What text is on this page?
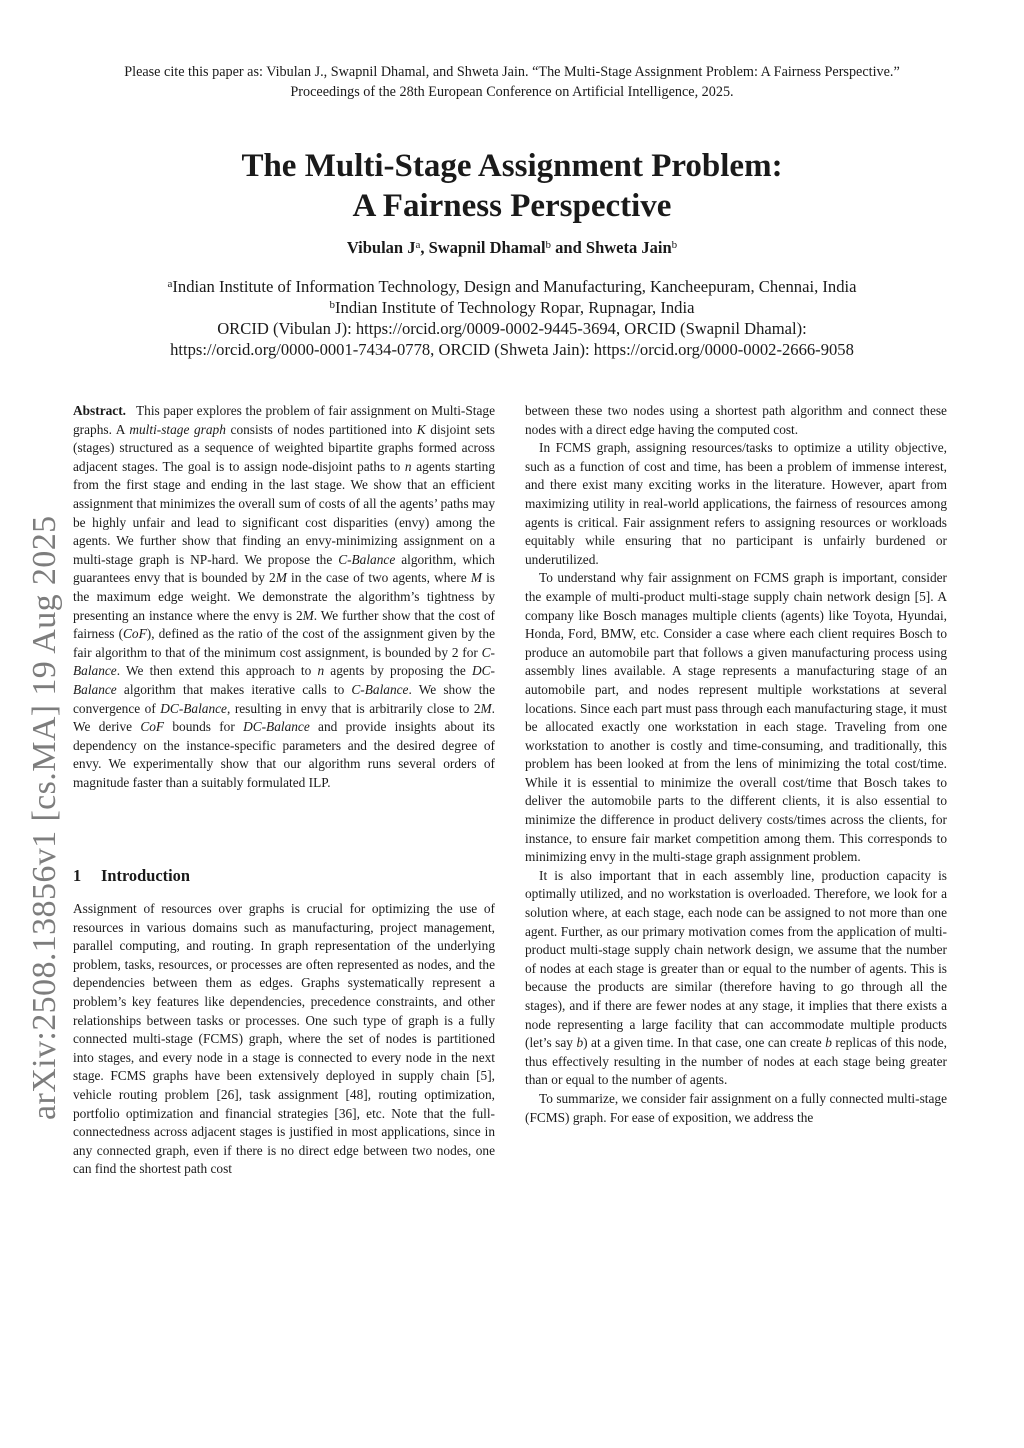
Please cite this paper as: Vibulan J., Swapnil Dhamal, and Shweta Jain. “The Multi-Stage Assignment Problem: A Fairness Perspective.”
Proceedings of the 28th European Conference on Artificial Intelligence, 2025.
The Multi-Stage Assignment Problem:
A Fairness Perspective
Vibulan $J^a$, Swapnil Dhamal$^b$ and Shweta Jain$^b$
$^a$Indian Institute of Information Technology, Design and Manufacturing, Kancheepuram, Chennai, India
$^b$Indian Institute of Technology Ropar, Rupnagar, India
ORCID (Vibulan J): https://orcid.org/0009-0002-9445-3694, ORCID (Swapnil Dhamal):
https://orcid.org/0000-0001-7434-0778, ORCID (Shweta Jain): https://orcid.org/0000-0002-2666-9058
arXiv:2508.13856v1 [cs.MA] 19 Aug 2025

Abstract. This paper explores the problem of fair assignment on Multi-Stage graphs. A multi-stage graph consists of nodes partitioned into K disjoint sets (stages) structured as a sequence of weighted bipartite graphs formed across adjacent stages. The goal is to assign node-disjoint paths to n agents starting from the first stage and ending in the last stage. We show that an efficient assignment that minimizes the overall sum of costs of all the agents’ paths may be highly unfair and lead to significant cost disparities (envy) among the agents. We further show that finding an envy-minimizing assignment on a multi-stage graph is NP-hard. We propose the C-Balance algorithm, which guarantees envy that is bounded by 2M in the case of two agents, where M is the maximum edge weight. We demonstrate the algorithm’s tightness by presenting an instance where the envy is 2M. We further show that the cost of fairness (CoF), defined as the ratio of the cost of the assignment given by the fair algorithm to that of the minimum cost assignment, is bounded by 2 for C-Balance. We then extend this approach to n agents by proposing the DC-Balance algorithm that makes iterative calls to C-Balance. We show the convergence of DC-Balance, resulting in envy that is arbitrarily close to 2M. We derive CoF bounds for DC-Balance and provide insights about its dependency on the instance-specific parameters and the desired degree of envy. We experimentally show that our algorithm runs several orders of magnitude faster than a suitably formulated ILP.

1 Introduction

Assignment of resources over graphs is crucial for optimizing the use of resources in various domains such as manufacturing, project management, parallel computing, and routing. In graph representation of the underlying problem, tasks, resources, or processes are often represented as nodes, and the dependencies between them as edges. Graphs systematically represent a problem’s key features like dependencies, precedence constraints, and other relationships between tasks or processes. One such type of graph is a fully connected multi-stage (FCMS) graph, where the set of nodes is partitioned into stages, and every node in a stage is connected to every node in the next stage. FCMS graphs have been extensively deployed in supply chain [5], vehicle routing problem [26], task assignment [48], routing optimization, portfolio optimization and financial strategies [36], etc. Note that the full-connectedness across adjacent stages is justified in most applications, since in any connected graph, even if there is no direct edge between two nodes, one can find the shortest path cost

between these two nodes using a shortest path algorithm and connect these nodes with a direct edge having the computed cost.

In FCMS graph, assigning resources/tasks to optimize a utility objective, such as a function of cost and time, has been a problem of immense interest, and there exist many exciting works in the literature. However, apart from maximizing utility in real-world applications, the fairness of resources among agents is critical. Fair assignment refers to assigning resources or workloads equitably while ensuring that no participant is unfairly burdened or underutilized.

To understand why fair assignment on FCMS graph is important, consider the example of multi-product multi-stage supply chain network design [5]. A company like Bosch manages multiple clients (agents) like Toyota, Hyundai, Honda, Ford, BMW, etc. Consider a case where each client requires Bosch to produce an automobile part that follows a given manufacturing process using assembly lines available. A stage represents a manufacturing stage of an automobile part, and nodes represent multiple workstations at several locations. Since each part must pass through each manufacturing stage, it must be allocated exactly one workstation in each stage. Traveling from one workstation to another is costly and time-consuming, and traditionally, this problem has been looked at from the lens of minimizing the total cost/time. While it is essential to minimize the overall cost/time that Bosch takes to deliver the automobile parts to the different clients, it is also essential to minimize the difference in product delivery costs/times across the clients, for instance, to ensure fair market competition among them. This corresponds to minimizing envy in the multi-stage graph assignment problem.

It is also important that in each assembly line, production capacity is optimally utilized, and no workstation is overloaded. Therefore, we look for a solution where, at each stage, each node can be assigned to not more than one agent. Further, as our primary motivation comes from the application of multi-product multi-stage supply chain network design, we assume that the number of nodes at each stage is greater than or equal to the number of agents. This is because the products are similar (therefore having to go through all the stages), and if there are fewer nodes at any stage, it implies that there exists a node representing a large facility that can accommodate multiple products (let’s say b) at a given time. In that case, one can create b replicas of this node, thus effectively resulting in the number of nodes at each stage being greater than or equal to the number of agents.

To summarize, we consider fair assignment on a fully connected multi-stage (FCMS) graph. For ease of exposition, we address the
